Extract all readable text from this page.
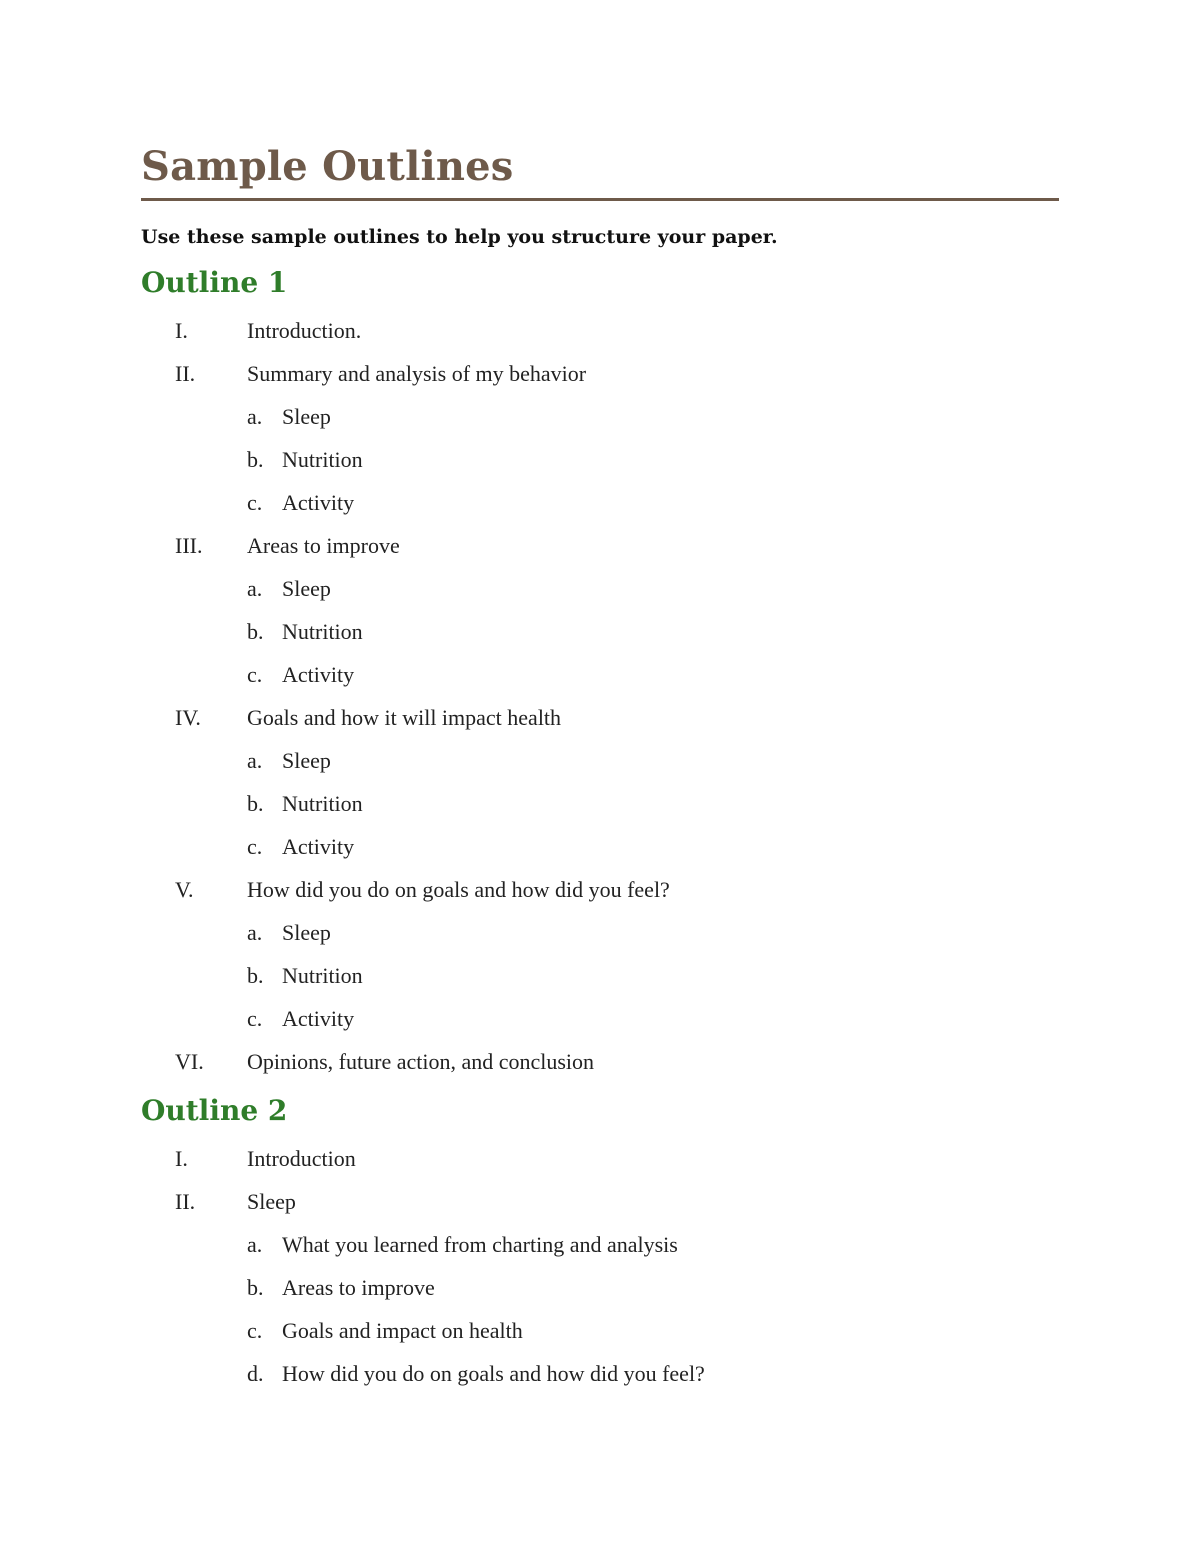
Sample Outlines
Use these sample outlines to help you structure your paper.
Outline 1
I.	Introduction.
II. Summary and analysis of my behavior
a. Sleep
b. Nutrition
c. Activity
III. Areas to improve
a. Sleep
b. Nutrition
c. Activity
IV. Goals and how it will impact health
a. Sleep
b. Nutrition
c. Activity
V. How did you do on goals and how did you feel?
a. Sleep
b. Nutrition
c. Activity
VI. Opinions, future action, and conclusion
Outline 2
I.	Introduction
II. Sleep
a. What you learned from charting and analysis
b. Areas to improve
c. Goals and impact on health
d. How did you do on goals and how did you feel?
